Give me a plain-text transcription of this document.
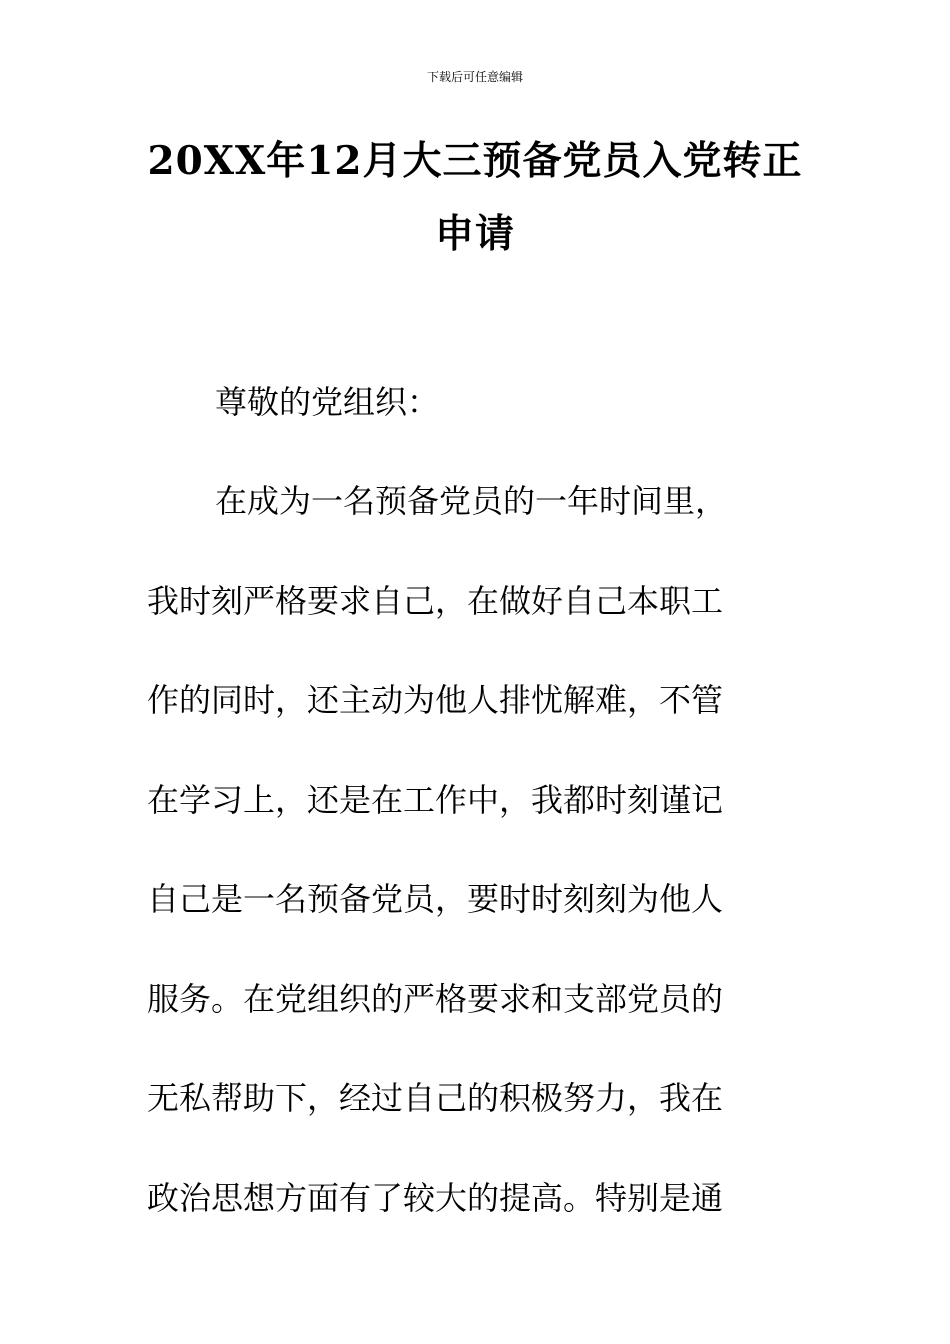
下载后可任意编辑
20XX年12月大三预备党员入党转正
申请
尊敬的党组织：
在成为一名预备党员的一年时间里，
我时刻严格要求自己，在做好自己本职工
作的同时，还主动为他人排忧解难，不管
在学习上，还是在工作中，我都时刻谨记
自己是一名预备党员，要时时刻刻为他人
服务。在党组织的严格要求和支部党员的
无私帮助下，经过自己的积极努力，我在
政治思想方面有了较大的提高。特别是通
